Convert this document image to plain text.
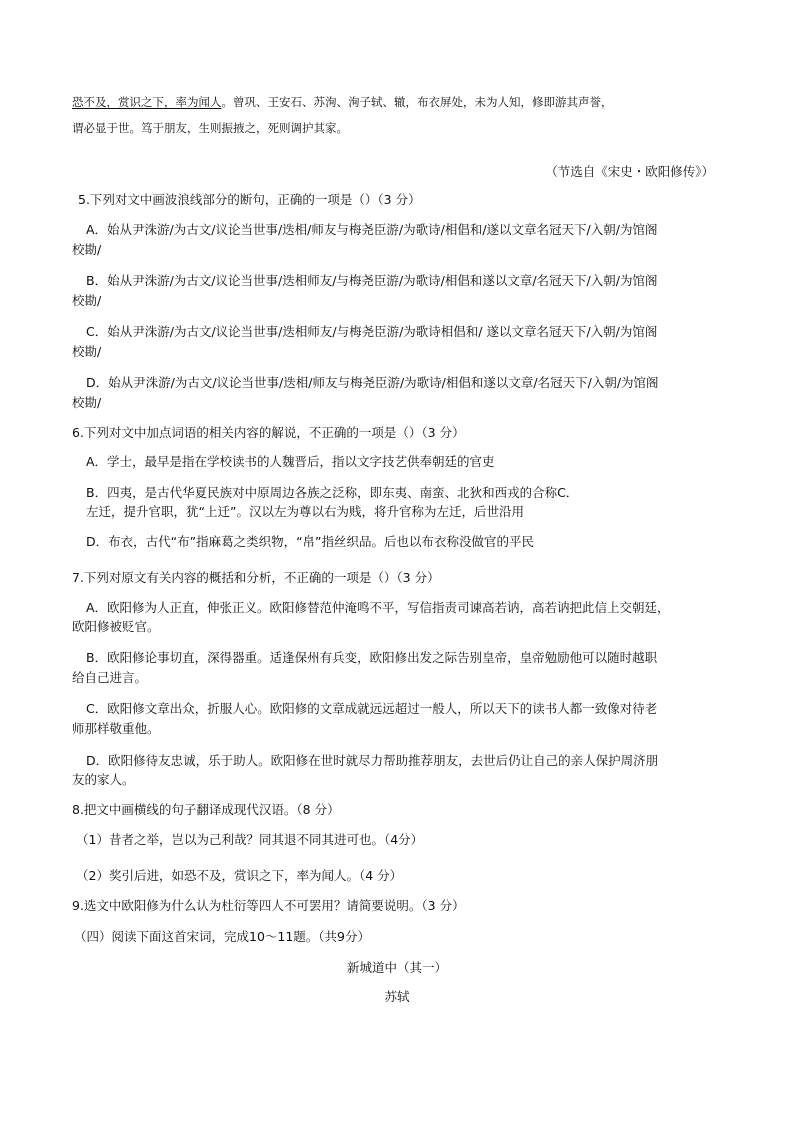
恐不及，赏识之下，率为闻人。曾巩、王安石、苏洵、洵子轼、辙，布衣屏处，未为人知，修即游其声誉，
谓必显于世。笃于朋友，生则振掖之，死则调护其家。
（节选自《宋史・欧阳修传》）
5.下列对文中画波浪线部分的断句，正确的一项是（）（3 分）
A．始从尹洙游/为古文/议论当世事/迭相/师友与梅尧臣游/为歌诗/相倡和/遂以文章名冠天下/入朝/为馆阁
校勘/
B．始从尹洙游/为古文/议论当世事/迭相师友/与梅尧臣游/为歌诗/相倡和遂以文章/名冠天下/入朝/为馆阁
校勘/
C．始从尹洙游/为古文/议论当世事/迭相师友/与梅尧臣游/为歌诗相倡和/ 遂以文章名冠天下/入朝/为馆阁
校勘/
D．始从尹洙游/为古文/议论当世事/迭相/师友与梅尧臣游/为歌诗/相倡和遂以文章/名冠天下/入朝/为馆阁
校勘/
6.下列对文中加点词语的相关内容的解说，不正确的一项是（）（3 分）
A．学士，最早是指在学校读书的人魏晋后，指以文字技艺供奉朝廷的官吏
B．四夷，是古代华夏民族对中原周边各族之泛称，即东夷、南蛮、北狄和西戎的合称C．
左迁，提升官职，犹“上迁”。汉以左为尊以右为贱，将升官称为左迁，后世沿用
D．布衣，古代“布”指麻葛之类织物，“帛”指丝织品。后也以布衣称没做官的平民
7.下列对原文有关内容的概括和分析，不正确的一项是（）（3 分）
A．欧阳修为人正直，伸张正义。欧阳修替范仲淹鸣不平，写信指责司谏高若讷，高若讷把此信上交朝廷，
欧阳修被贬官。
B．欧阳修论事切直，深得器重。适逢保州有兵变，欧阳修出发之际告别皇帝，皇帝勉励他可以随时越职
给自己进言。
C．欧阳修文章出众，折服人心。欧阳修的文章成就远远超过一般人，所以天下的读书人都一致像对待老
师那样敬重他。
D．欧阳修待友忠诚，乐于助人。欧阳修在世时就尽力帮助推荐朋友，去世后仍让自己的亲人保护周济朋
友的家人。
8.把文中画横线的句子翻译成现代汉语。（8 分）
（1）昔者之举，岂以为己利哉？同其退不同其进可也。（4分）
（2）奖引后进，如恐不及，赏识之下，率为闻人。（4 分）
9.选文中欧阳修为什么认为杜衍等四人不可罢用？请简要说明。（3 分）
（四）阅读下面这首宋词，完成10～11题。（共9分）
新城道中（其一）
苏轼
